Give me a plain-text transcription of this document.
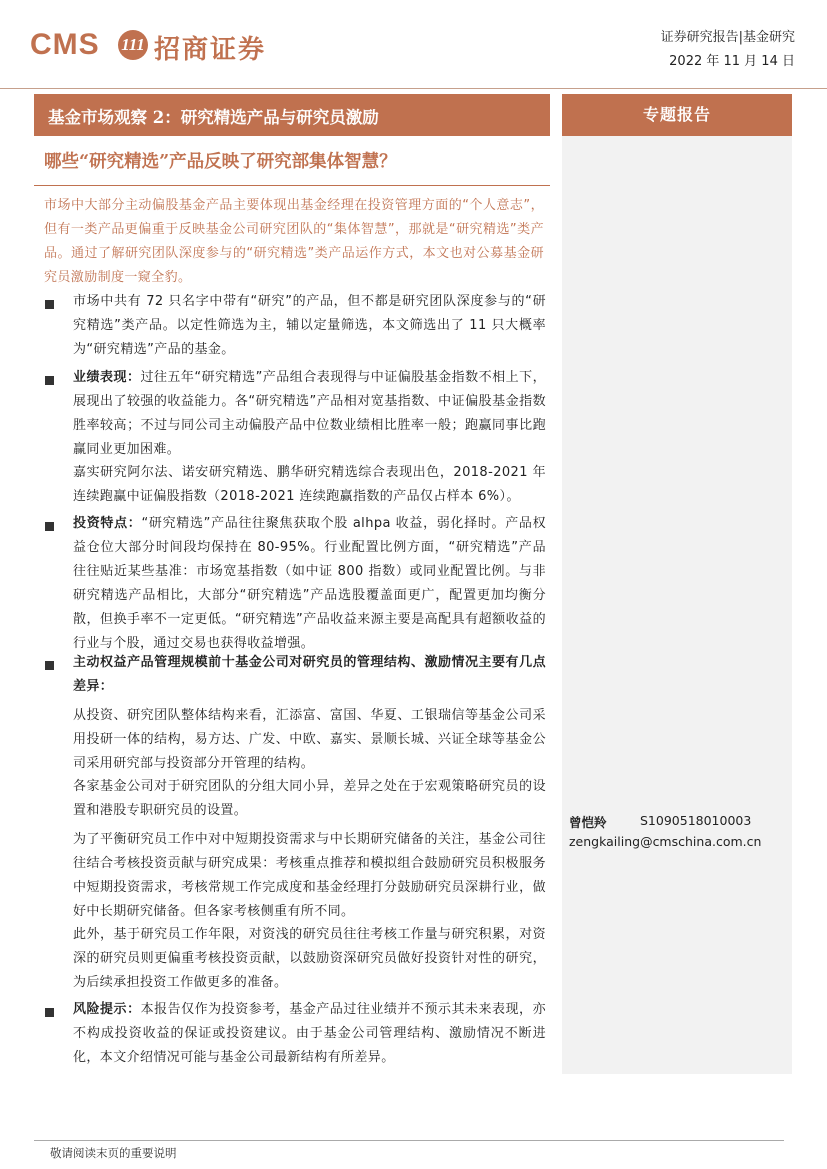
CMS 111 招商证券	证券研究报告|基金研究
2022 年 11 月 14 日
基金市场观察 2：研究精选产品与研究员激励	专题报告
哪些“研究精选”产品反映了研究部集体智慧？
市场中大部分主动偏股基金产品主要体现出基金经理在投资管理方面的“个人意志”，但有一类产品更偏重于反映基金公司研究团队的“集体智慧”，那就是“研究精选”类产品。通过了解研究团队深度参与的“研究精选”类产品运作方式，本文也对公募基金研究员激励制度一窥全豹。
市场中共有 72 只名字中带有“研究”的产品，但不都是研究团队深度参与的“研究精选”类产品。以定性筛选为主，辅以定量筛选，本文筛选出了 11 只大概率为“研究精选”产品的基金。
业绩表现：过往五年“研究精选”产品组合表现得与中证偏股基金指数不相上下，展现出了较强的收益能力。各“研究精选”产品相对宽基指数、中证偏股基金指数胜率较高；不过与同公司主动偏股产品中位数业绩相比胜率一般；跑赢同事比跑赢同业更加困难。
嘉实研究阿尔法、诺安研究精选、鹏华研究精选综合表现出色，2018-2021 年连续跑赢中证偏股指数（2018-2021 连续跑赢指数的产品仅占样本 6%）。
投资特点：“研究精选”产品往往聚焦获取个股 alhpa 收益，弱化择时。产品权益仓位大部分时间段均保持在 80-95%。行业配置比例方面，“研究精选”产品往往贴近某些基准：市场宽基指数（如中证 800 指数）或同业配置比例。与非研究精选产品相比，大部分“研究精选”产品选股覆盖面更广，配置更加均衡分散，但换手率不一定更低。“研究精选”产品收益来源主要是高配具有超额收益的行业与个股，通过交易也获得收益增强。
主动权益产品管理规模前十基金公司对研究员的管理结构、激励情况主要有几点差异：
从投资、研究团队整体结构来看，汇添富、富国、华夏、工银瑞信等基金公司采用投研一体的结构，易方达、广发、中欧、嘉实、景顺长城、兴证全球等基金公司采用研究部与投资部分开管理的结构。
各家基金公司对于研究团队的分组大同小异，差异之处在于宏观策略研究员的设置和港股专职研究员的设置。
为了平衡研究员工作中对中短期投资需求与中长期研究储备的关注，基金公司往往结合考核投资贡献与研究成果：考核重点推荐和模拟组合鼓励研究员积极服务中短期投资需求，考核常规工作完成度和基金经理打分鼓励研究员深耕行业，做好中长期研究储备。但各家考核侧重有所不同。
此外，基于研究员工作年限，对资浅的研究员往往考核工作量与研究积累，对资深的研究员则更偏重考核投资贡献，以鼓励资深研究员做好投资针对性的研究，为后续承担投资工作做更多的准备。
风险提示：本报告仅作为投资参考，基金产品过往业绩并不预示其未来表现，亦不构成投资收益的保证或投资建议。由于基金公司管理结构、激励情况不断进化，本文介绍情况可能与基金公司最新结构有所差异。
曾恺羚	S1090518010003
zengkailing@cmschina.com.cn
敬请阅读末页的重要说明
